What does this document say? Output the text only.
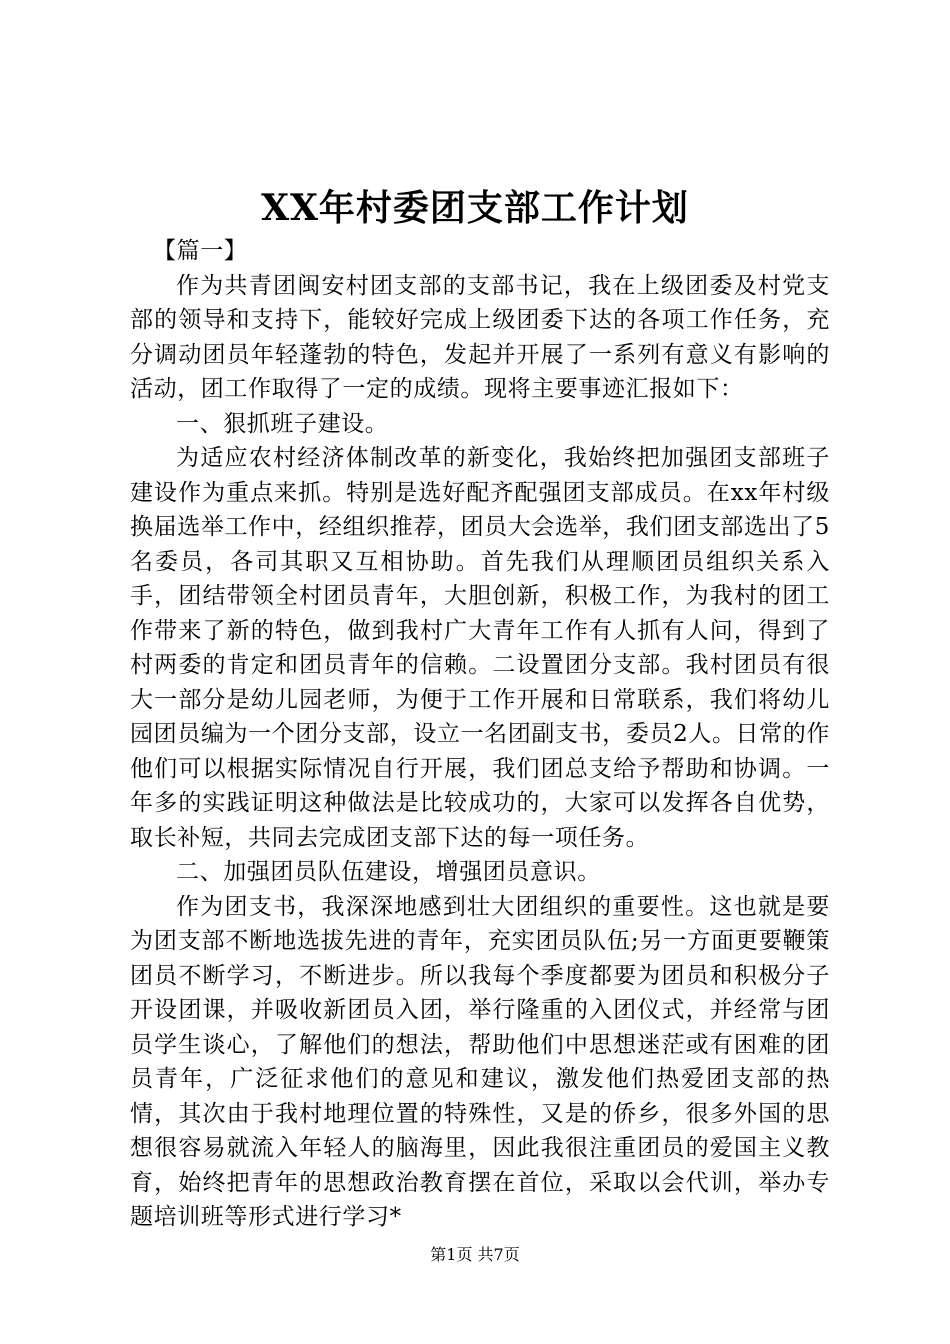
XX年村委团支部工作计划

【篇一】

作为共青团闽安村团支部的支部书记，我在上级团委及村党支部的领导和支持下，能较好完成上级团委下达的各项工作任务，充分调动团员年轻蓬勃的特色，发起并开展了一系列有意义有影响的活动，团工作取得了一定的成绩。现将主要事迹汇报如下：

一、狠抓班子建设。

为适应农村经济体制改革的新变化，我始终把加强团支部班子建设作为重点来抓。特别是选好配齐配强团支部成员。在xx年村级换届选举工作中，经组织推荐，团员大会选举，我们团支部选出了5名委员，各司其职又互相协助。首先我们从理顺团员组织关系入手，团结带领全村团员青年，大胆创新，积极工作，为我村的团工作带来了新的特色，做到我村广大青年工作有人抓有人问，得到了村两委的肯定和团员青年的信赖。二设置团分支部。我村团员有很大一部分是幼儿园老师，为便于工作开展和日常联系，我们将幼儿园团员编为一个团分支部，设立一名团副支书，委员2人。日常的作他们可以根据实际情况自行开展，我们团总支给予帮助和协调。一年多的实践证明这种做法是比较成功的，大家可以发挥各自优势，取长补短，共同去完成团支部下达的每一项任务。

二、加强团员队伍建设，增强团员意识。

作为团支书，我深深地感到壮大团组织的重要性。这也就是要为团支部不断地选拔先进的青年，充实团员队伍;另一方面更要鞭策团员不断学习，不断进步。所以我每个季度都要为团员和积极分子开设团课，并吸收新团员入团，举行隆重的入团仪式，并经常与团员学生谈心，了解他们的想法，帮助他们中思想迷茫或有困难的团员青年，广泛征求他们的意见和建议，激发他们热爱团支部的热情，其次由于我村地理位置的特殊性，又是的侨乡，很多外国的思想很容易就流入年轻人的脑海里，因此我很注重团员的爱国主义教育，始终把青年的思想政治教育摆在首位，采取以会代训，举办专题培训班等形式进行学习*

第1页 共7页
